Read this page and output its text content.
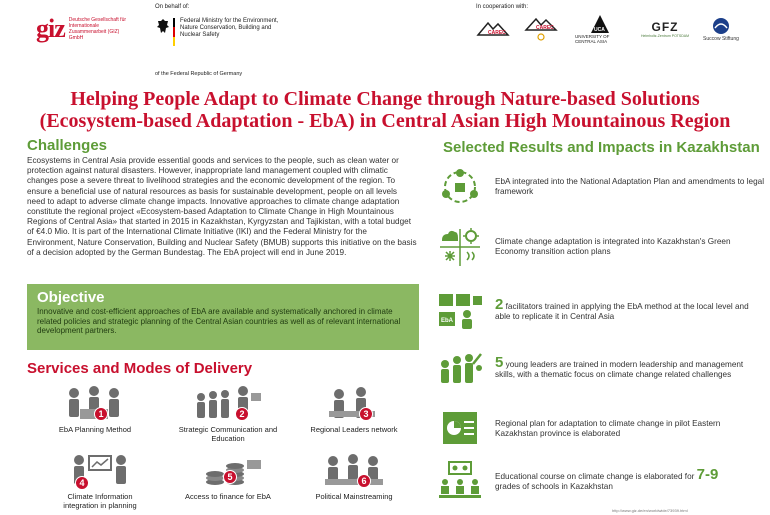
giz Deutsche Gesellschaft für Internationale Zusammenarbeit (GIZ) GmbH
On behalf of:
Federal Ministry for the Environment, Nature Conservation, Building and Nuclear Safety
of the Federal Republic of Germany
In cooperation with:
CAREC
CAREC	UCA
UNIVERSITY OF CENTRAL ASIA
GFZ
Helmholtz-Zentrum POTSDAM	Succow Stiftung
Helping People Adapt to Climate Change through Nature-based Solutions
(Ecosystem-based Adaptation - EbA) in Central Asian High Mountainous Region
Challenges
Ecosystems in Central Asia provide essential goods and services to the people, such as clean water or protection against natural disasters. However, inappropriate land management coupled with climatic changes pose a severe threat to livelihood strategies and the economic development of the region. To ensure a beneficial use of natural resources as basis for sustainable development, people on all levels need to adapt to adverse climate change impacts. Innovative approaches to climate change adaptation constitute the regional project «Ecosystem-based Adaptation to Climate Change in High Mountainous Regions of Central Asia» that started in 2015 in Kazakhstan, Kyrgyzstan and Tajikistan, with a total budget of €4.0 Mio. It is part of the International Climate Initiative (IKI) and the Federal Ministry for the Environment, Nature Conservation, Building and Nuclear Safety (BMUB) supports this initiative on the basis of a decision adopted by the German Bundestag. The EbA project will end in June 2019.
Objective
Innovative and cost-efficient approaches of EbA are available and systematically anchored in climate related policies and strategic planning of the Central Asian countries as well as of relevant international development partners.
Services and Modes of Delivery
1
EbA Planning Method
2
Strategic Communication and Education
3
Regional Leaders network
4
Climate Information integration in planning
5
Access to finance for EbA
6
Political Mainstreaming
Selected Results and Impacts in Kazakhstan
EbA integrated into the National Adaptation Plan and amendments to legal framework
Climate change adaptation is integrated into Kazakhstan's Green Economy transition action plans
EbA
2 facilitators trained in applying the EbA method at the local level and able to replicate it in Central Asia
5 young leaders are trained in modern leadership and management skills, with a thematic focus on climate change related challenges
Regional plan for adaptation to climate change in pilot Eastern Kazakhstan province is elaborated
Educational course on climate change is elaborated for 7-9
grades of schools in Kazakhstan
http://www.giz.de/en/worldwide/73939.html
